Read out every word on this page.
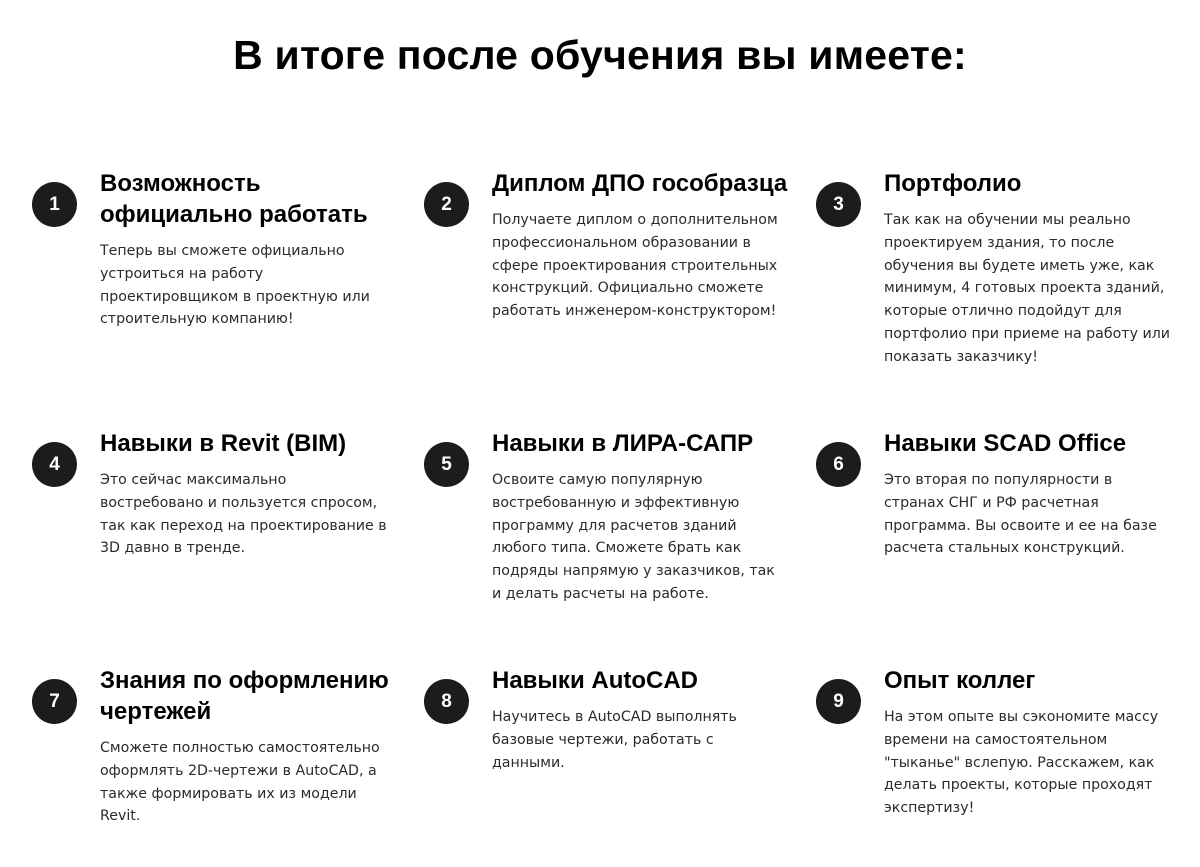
В итоге после обучения вы имеете:
1
Возможность официально работать
Теперь вы сможете официально устроиться на работу проектировщиком в проектную или строительную компанию!
2
Диплом ДПО гособразца
Получаете диплом о дополнительном профессиональном образовании в сфере проектирования строительных конструкций. Официально сможете работать инженером-конструктором!
3
Портфолио
Так как на обучении мы реально проектируем здания, то после обучения вы будете иметь уже, как минимум, 4 готовых проекта зданий, которые отлично подойдут для портфолио при приеме на работу или показать заказчику!
4
Навыки в Revit (BIM)
Это сейчас максимально востребовано и пользуется спросом, так как переход на проектирование в 3D давно в тренде.
5
Навыки в ЛИРА-САПР
Освоите самую популярную востребованную и эффективную программу для расчетов зданий любого типа. Сможете брать как подряды напрямую у заказчиков, так и делать расчеты на работе.
6
Навыки SCAD Office
Это вторая по популярности в странах СНГ и РФ расчетная программа. Вы освоите и ее на базе расчета стальных конструкций.
7
Знания по оформлению чертежей
Сможете полностью самостоятельно оформлять 2D-чертежи в AutoCAD, а также формировать их из модели Revit.
8
Навыки AutoCAD
Научитесь в AutoCAD выполнять базовые чертежи, работать с данными.
9
Опыт коллег
На этом опыте вы сэкономите массу времени на самостоятельном "тыканье" вслепую. Расскажем, как делать проекты, которые проходят экспертизу!
